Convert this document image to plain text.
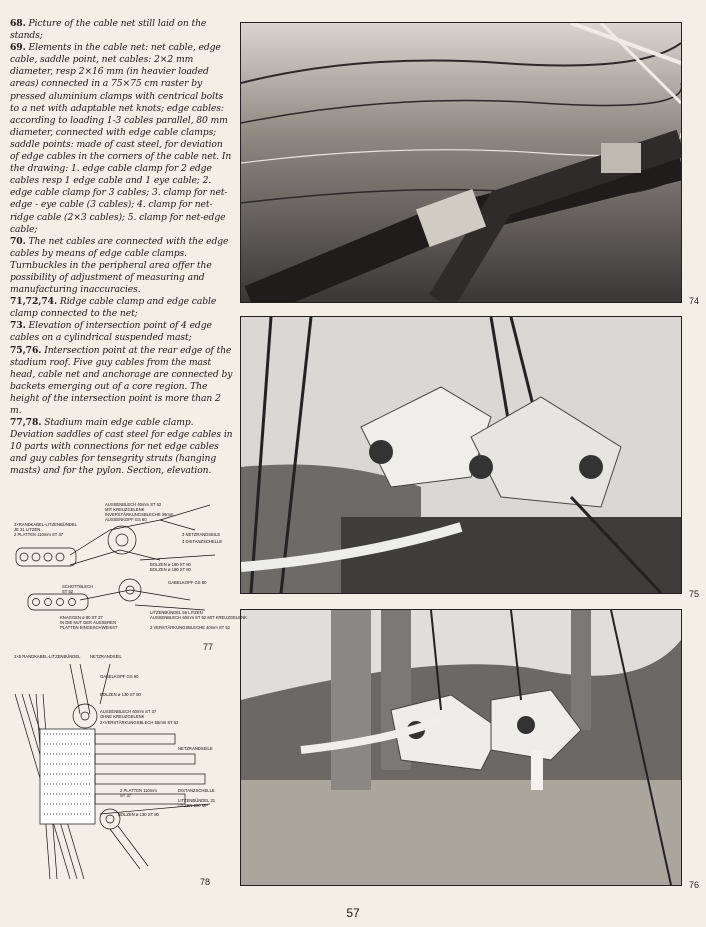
68. Picture of the cable net still laid on the stands;

69. Elements in the cable net: net cable, edge cable, saddle point, net cables: 2×2 mm diameter, resp 2×16 mm (in heavier loaded areas) connected in a 75×75 cm raster by pressed aluminium clamps with centrical bolts to a net with adaptable net knots; edge cables: according to loading 1-3 cables parallel, 80 mm diameter, connected with edge cable clamps; saddle points: made of cast steel, for deviation of edge cables in the corners of the cable net. In the drawing: 1. edge cable clamp for 2 edge cables resp 1 edge cable and 1 eye cable; 2. edge cable clamp for 3 cables; 3. clamp for net-edge - eye cable (3 cables); 4. clamp for net-ridge cable (2×3 cables); 5. clamp for net-edge cable;

70. The net cables are connected with the edge cables by means of edge cable clamps. Turnbuckles in the peripheral area offer the possibility of adjustment of measuring and manufacturing inaccuracies.

71,72,74. Ridge cable clamp and edge cable clamp connected to the net;

73. Elevation of intersection point of 4 edge cables on a cylindrical suspended mast;

75,76. Intersection point at the rear edge of the stadium roof. Five guy cables from the mast head, cable net and anchorage are connected by backets emerging out of a core region. The height of the intersection point is more than 2 m.

77,78. Stadium main edge cable clamp. Deviation saddles of cast steel for edge cables in 10 parts with connections for net edge cables and guy cables for tensegrity struts (hanging masts) and for the pylon. Section, elevation.

74
75
76
AUSSENBLECH 40mm ST 52
MIT KREUZGELENK
INVERSTÄRKUNGSBLECHE 35mm
AUSSENKOPF GS 80
3×RANDKABEL-LITZENBÜNDEL
JE 31 LITZEN
2 PLATTEN 110mm ST 37	3 NETZRANDSEILE
4 DISTANZSCHELLE
BOLZEN ø 180 ST 80
BOLZEN ø 180 ST 80
GABELKOPF GS 80
SCHOTTBLECH
ST 52
LITZENBÜNDEL 55 LITZEN
AUSSENBLECH 60mm ST 52 MIT KREUZGELENK
KNAGGEN ø 80 ST 37
IN DIE NUT DER AUSSEREN
PLATTEN EINGESCHWEISST	2 VERSTÄRKUNGSBLECHE 40mm ST 52
77
2×5 RANDKABEL-LITZENBÜNDEL NETZRANDSEIL
GABELKOPF GS 60
BOLZEN ø 130 ST 80
AUSSENBLECH 60mm ST 37
OHNE KREUZGELENK
2×VERSTÄRKUNGSBLECH 50mm ST 52
NETZRANDSEILE
2 PLATTEN 110mm
ST 37
DISTANZSCHELLE
LITZENBÜNDEL 31
LITZEN 900 MP
BOLZEN ø 130 ST 80
78
57
